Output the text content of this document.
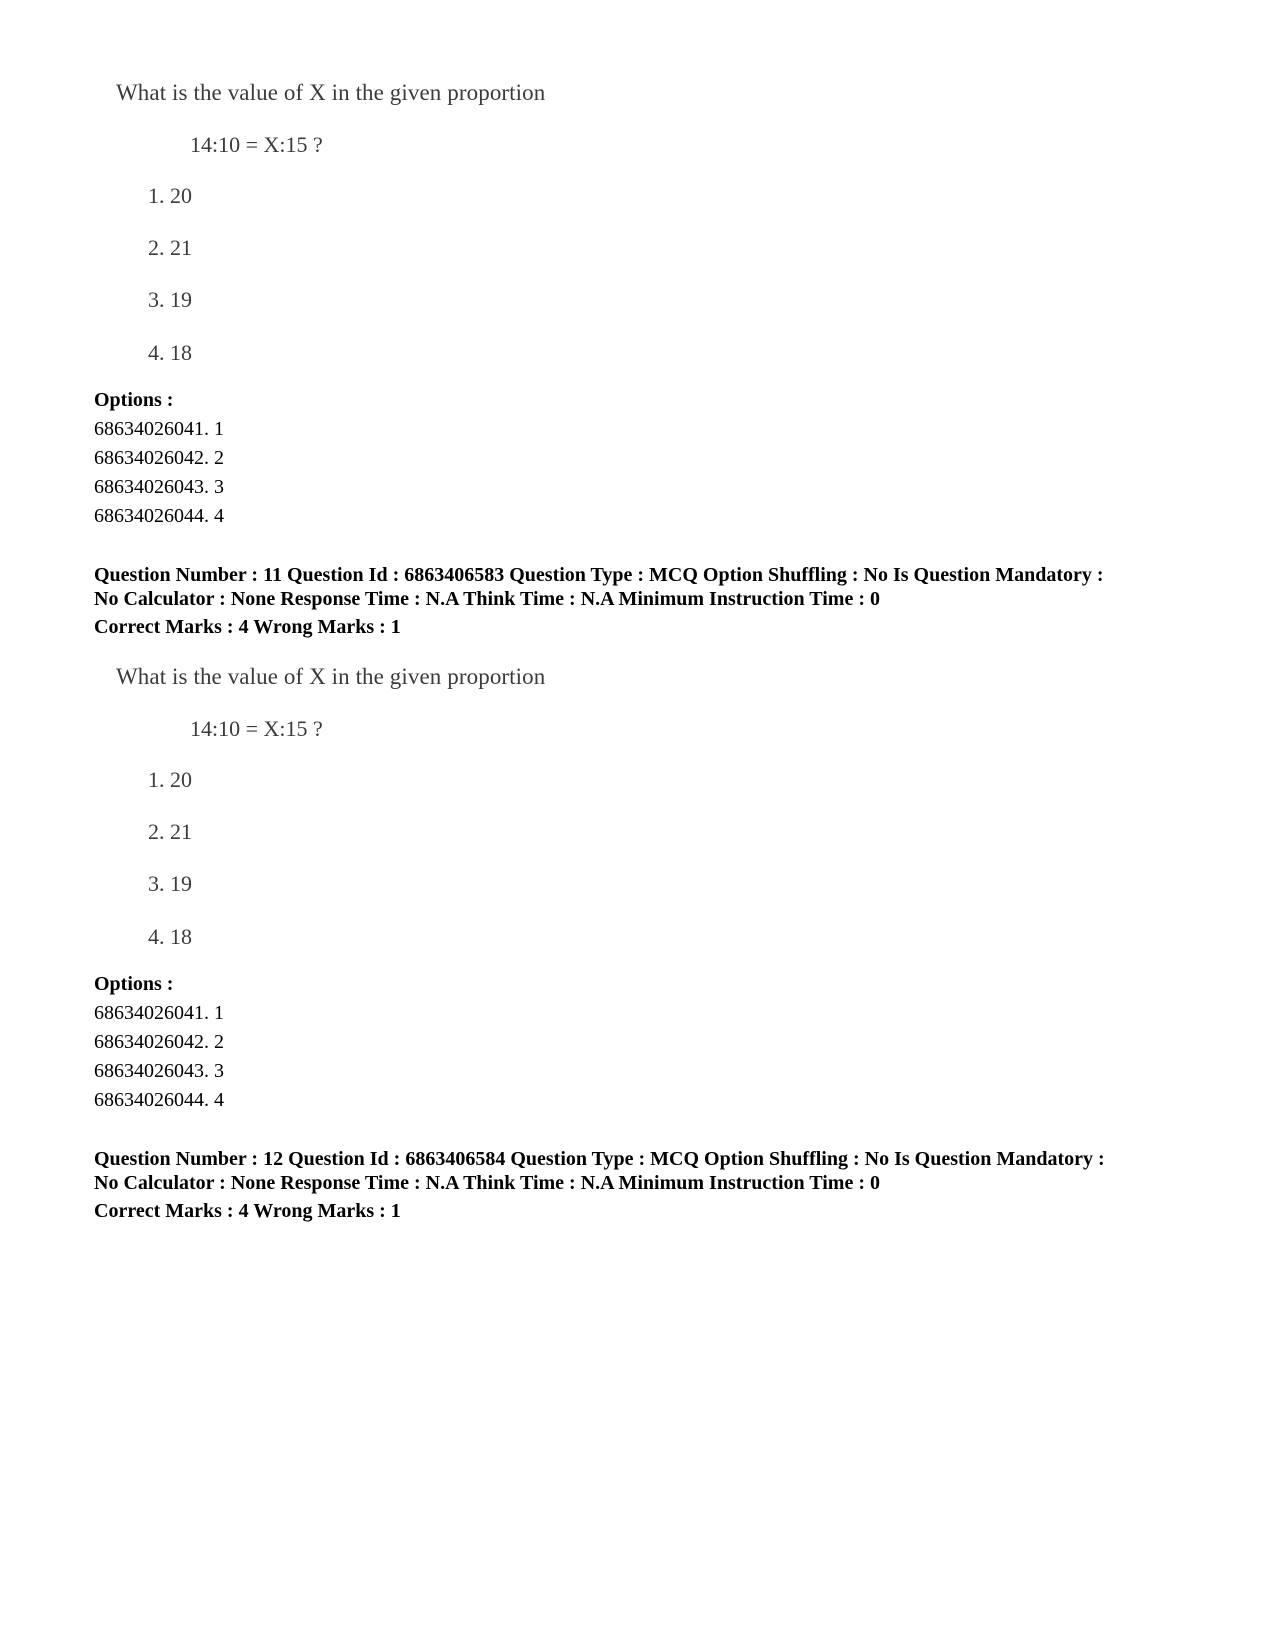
What is the value of X in the given proportion
14:10 = X:15 ?
1. 20
2. 21
3. 19
4. 18
Options :
68634026041. 1
68634026042. 2
68634026043. 3
68634026044. 4
Question Number : 11 Question Id : 6863406583 Question Type : MCQ Option Shuffling : No Is Question Mandatory :
No Calculator : None Response Time : N.A Think Time : N.A Minimum Instruction Time : 0
Correct Marks : 4 Wrong Marks : 1
What is the value of X in the given proportion
14:10 = X:15 ?
1. 20
2. 21
3. 19
4. 18
Options :
68634026041. 1
68634026042. 2
68634026043. 3
68634026044. 4
Question Number : 12 Question Id : 6863406584 Question Type : MCQ Option Shuffling : No Is Question Mandatory :
No Calculator : None Response Time : N.A Think Time : N.A Minimum Instruction Time : 0
Correct Marks : 4 Wrong Marks : 1
